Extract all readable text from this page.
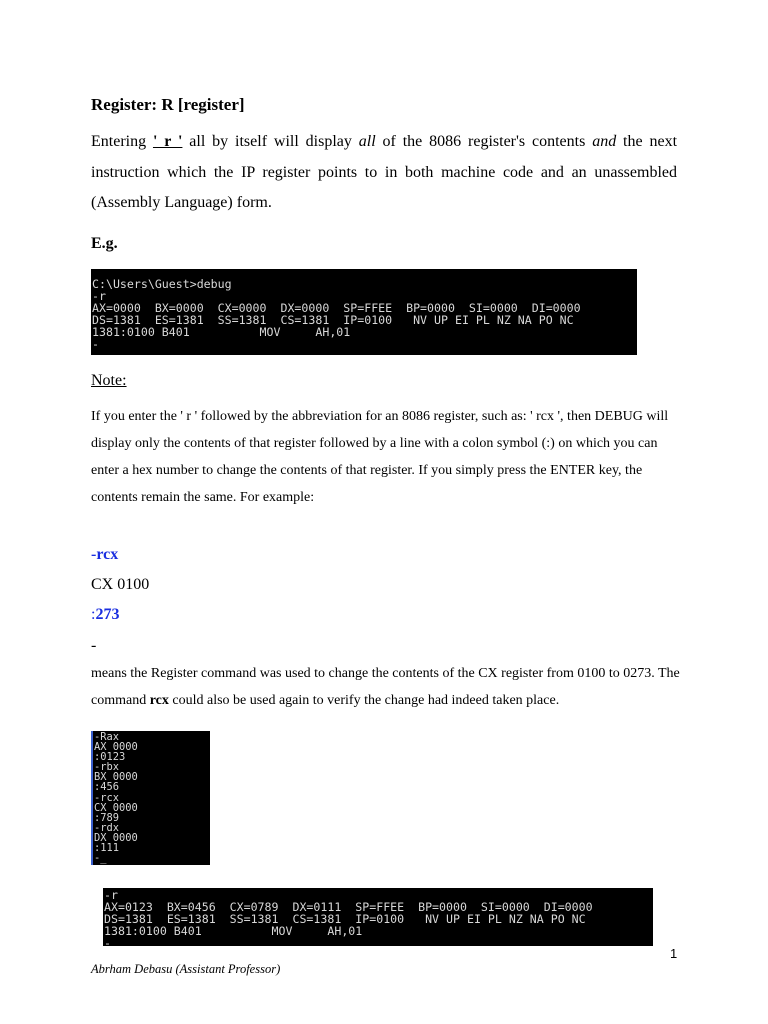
Register: R [register]
Entering ' r ' all by itself will display all of the 8086 register's contents and the next instruction which the IP register points to in both machine code and an unassembled (Assembly Language) form.
E.g.
C:\Users\Guest>debug
-r
AX=0000  BX=0000  CX=0000  DX=0000  SP=FFEE  BP=0000  SI=0000  DI=0000
DS=1381  ES=1381  SS=1381  CS=1381  IP=0100   NV UP EI PL NZ NA PO NC
1381:0100 B401          MOV     AH,01
-
Note:
If you enter the ' r ' followed by the abbreviation for an 8086 register, such as: ' rcx ', then DEBUG will display only the contents of that register followed by a line with a colon symbol (:) on which you can enter a hex number to change the contents of that register. If you simply press the ENTER key, the contents remain the same. For example:
-rcx
CX 0100
:273
-
means the Register command was used to change the contents of the CX register from 0100 to 0273. The command rcx could also be used again to verify the change had indeed taken place.
-Rax
AX 0000
:0123
-rbx
BX 0000
:456
-rcx
CX 0000
:789
-rdx
DX 0000
:111
-_
-r
AX=0123  BX=0456  CX=0789  DX=0111  SP=FFEE  BP=0000  SI=0000  DI=0000
DS=1381  ES=1381  SS=1381  CS=1381  IP=0100   NV UP EI PL NZ NA PO NC
1381:0100 B401          MOV     AH,01
-
1
Abrham Debasu (Assistant Professor)
